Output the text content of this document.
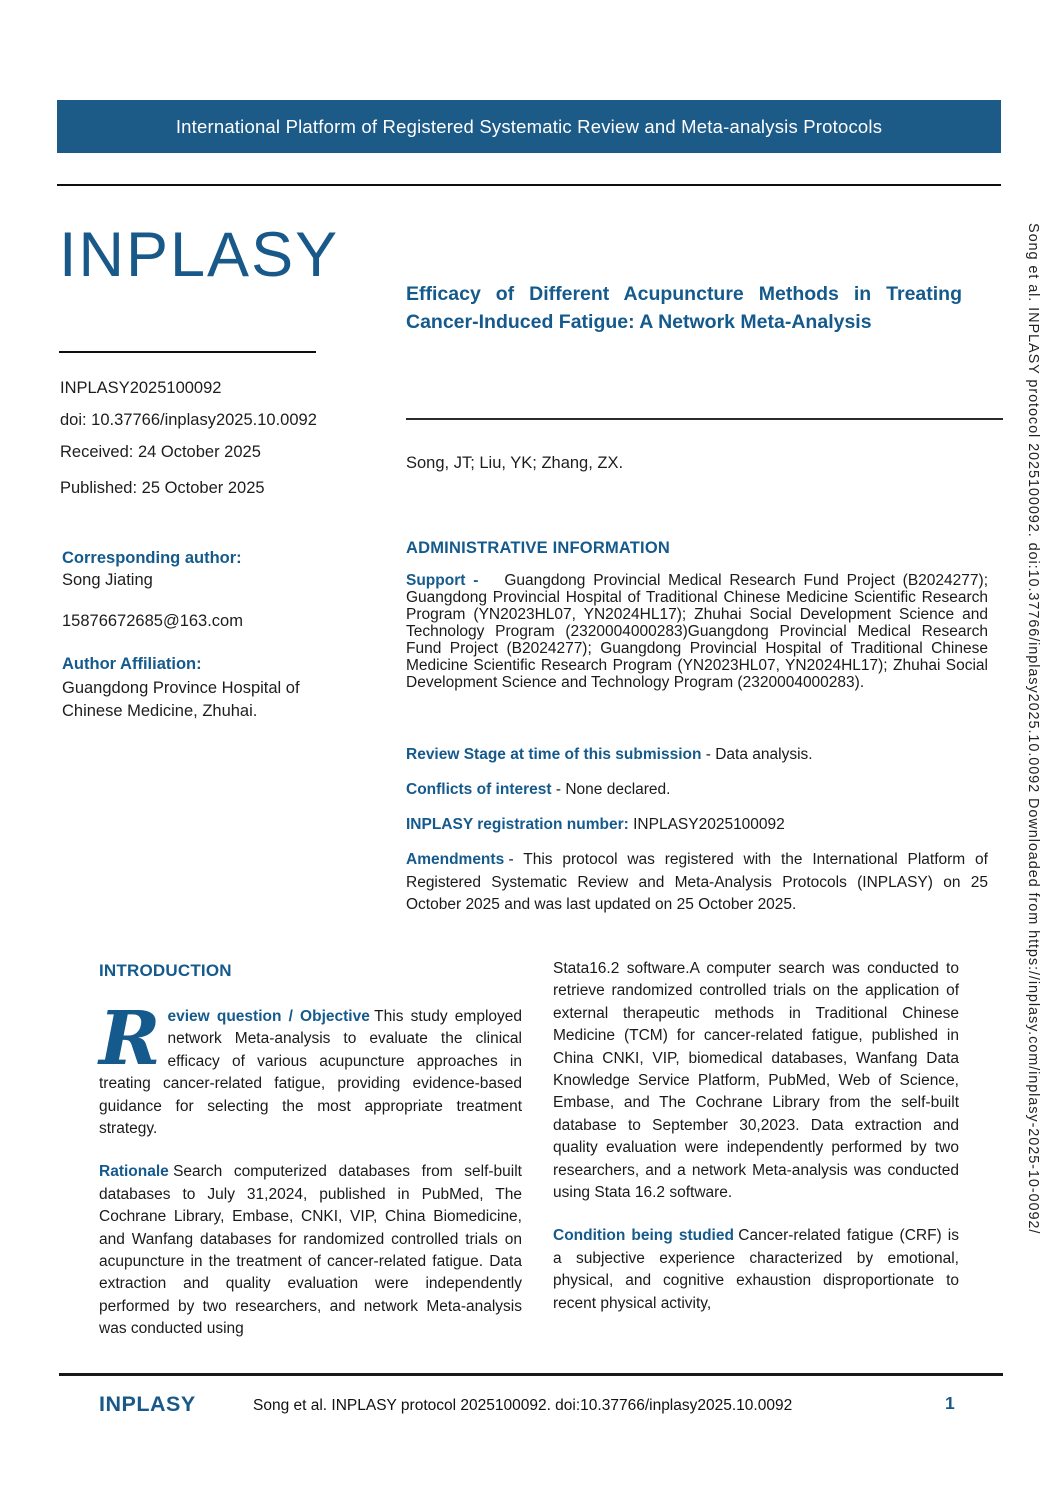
International Platform of Registered Systematic Review and Meta-analysis Protocols
INPLASY
INPLASY2025100092
doi: 10.37766/inplasy2025.10.0092
Received: 24 October 2025
Published: 25 October 2025
Corresponding author:
Song Jiating
15876672685@163.com
Author Affiliation:
Guangdong Province Hospital of Chinese Medicine, Zhuhai.
Efficacy of Different Acupuncture Methods in Treating Cancer-Induced Fatigue: A Network Meta-Analysis
Song, JT; Liu, YK; Zhang, ZX.
ADMINISTRATIVE INFORMATION
Support - Guangdong Provincial Medical Research Fund Project (B2024277); Guangdong Provincial Hospital of Traditional Chinese Medicine Scientific Research Program (YN2023HL07, YN2024HL17); Zhuhai Social Development Science and Technology Program (2320004000283)Guangdong Provincial Medical Research Fund Project (B2024277); Guangdong Provincial Hospital of Traditional Chinese Medicine Scientific Research Program (YN2023HL07, YN2024HL17); Zhuhai Social Development Science and Technology Program (2320004000283).
Review Stage at time of this submission - Data analysis.
Conflicts of interest - None declared.
INPLASY registration number: INPLASY2025100092
Amendments - This protocol was registered with the International Platform of Registered Systematic Review and Meta-Analysis Protocols (INPLASY) on 25 October 2025 and was last updated on 25 October 2025.
INTRODUCTION

Review question / Objective This study employed network Meta-analysis to evaluate the clinical efficacy of various acupuncture approaches in treating cancer-related fatigue, providing evidence-based guidance for selecting the most appropriate treatment strategy.

Rationale Search computerized databases from self-built databases to July 31,2024, published in PubMed, The Cochrane Library, Embase, CNKI, VIP, China Biomedicine, and Wanfang databases for randomized controlled trials on acupuncture in the treatment of cancer-related fatigue. Data extraction and quality evaluation were independently performed by two researchers, and network Meta-analysis was conducted using

Stata16.2 software.A computer search was conducted to retrieve randomized controlled trials on the application of external therapeutic methods in Traditional Chinese Medicine (TCM) for cancer-related fatigue, published in China CNKI, VIP, biomedical databases, Wanfang Data Knowledge Service Platform, PubMed, Web of Science, Embase, and The Cochrane Library from the self-built database to September 30,2023. Data extraction and quality evaluation were independently performed by two researchers, and a network Meta-analysis was conducted using Stata 16.2 software.

Condition being studied Cancer-related fatigue (CRF) is a subjective experience characterized by emotional, physical, and cognitive exhaustion disproportionate to recent physical activity,

INPLASY	Song et al. INPLASY protocol 2025100092. doi:10.37766/inplasy2025.10.0092	1
Song et al. INPLASY protocol 2025100092. doi:10.37766/inplasy2025.10.0092 Downloaded from https://inplasy.com/inplasy-2025-10-0092/
